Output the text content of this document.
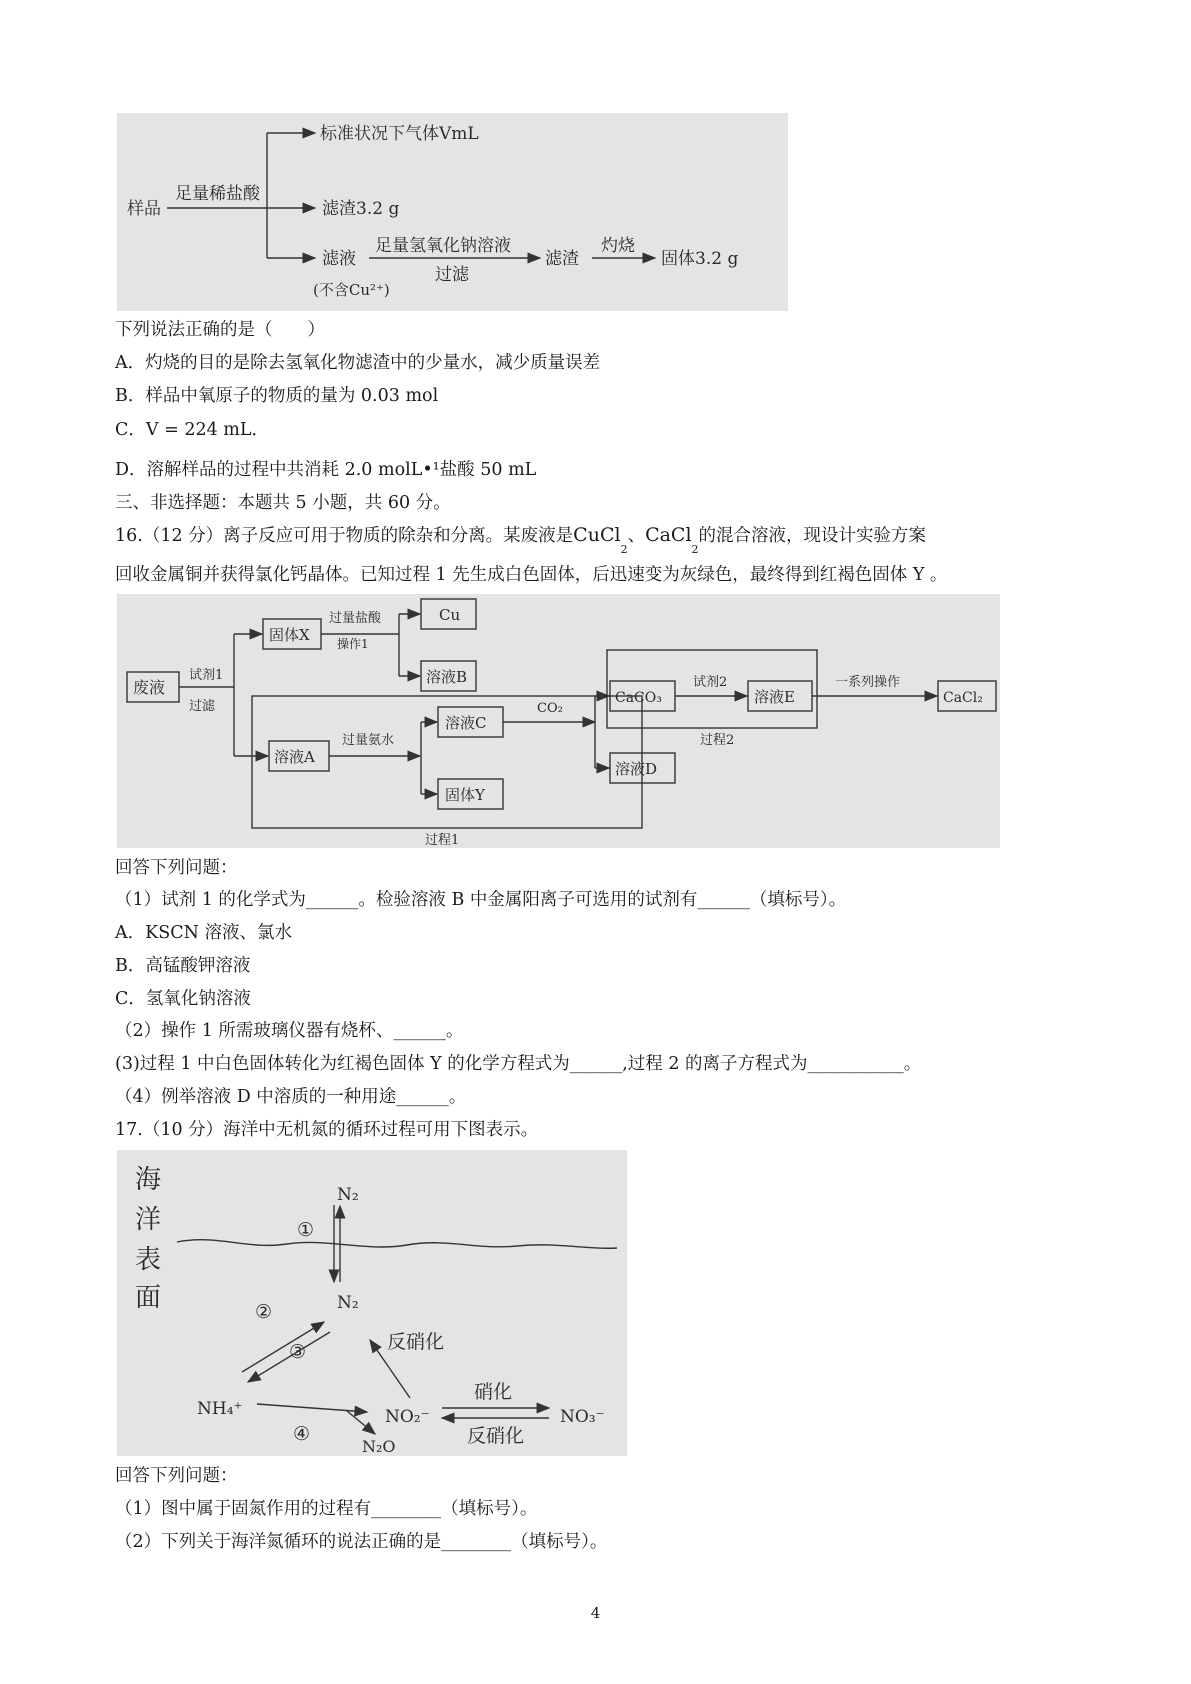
样品
足量稀盐酸
标准状况下气体VmL
滤渣3.2 g
滤液
(不含Cu²⁺)
足量氢氧化钠溶液
过滤
滤渣
灼烧
固体3.2 g
下列说法正确的是（　　）
A．灼烧的目的是除去氢氧化物滤渣中的少量水，减少质量误差
B．样品中氧原子的物质的量为 0.03 mol
C．V = 224 mL．
D．溶解样品的过程中共消耗 2.0 molL•¹盐酸 50 mL
三、非选择题：本题共 5 小题，共 60 分。
16.（12 分）离子反应可用于物质的除杂和分离。某废液是CuCl$_2$、CaCl$_2$的混合溶液，现设计实验方案
回收金属铜并获得氯化钙晶体。已知过程 1 先生成白色固体，后迅速变为灰绿色，最终得到红褐色固体 Y 。
废液
试剂1
过滤
固体X
过量盐酸
操作1
Cu
溶液B
过程1
溶液A
过量氨水
溶液C
固体Y
CO₂
过程2
CaCO₃
试剂2
溶液E
一系列操作
CaCl₂
溶液D
回答下列问题：
（1）试剂 1 的化学式为______。检验溶液 B 中金属阳离子可选用的试剂有______（填标号）。
A．KSCN 溶液、氯水
B．高锰酸钾溶液
C．氢氧化钠溶液
（2）操作 1 所需玻璃仪器有烧杯、______。
(3)过程 1 中白色固体转化为红褐色固体 Y 的化学方程式为______,过程 2 的离子方程式为___________。
（4）例举溶液 D 中溶质的一种用途______。
17.（10 分）海洋中无机氮的循环过程可用下图表示。
海
洋
表
面
N₂
①
N₂
②
③	反硝化
NH₄⁺
④
NO₂⁻
N₂O
硝化
反硝化
NO₃⁻
回答下列问题：
（1）图中属于固氮作用的过程有________（填标号）。
（2）下列关于海洋氮循环的说法正确的是________（填标号）。
4
